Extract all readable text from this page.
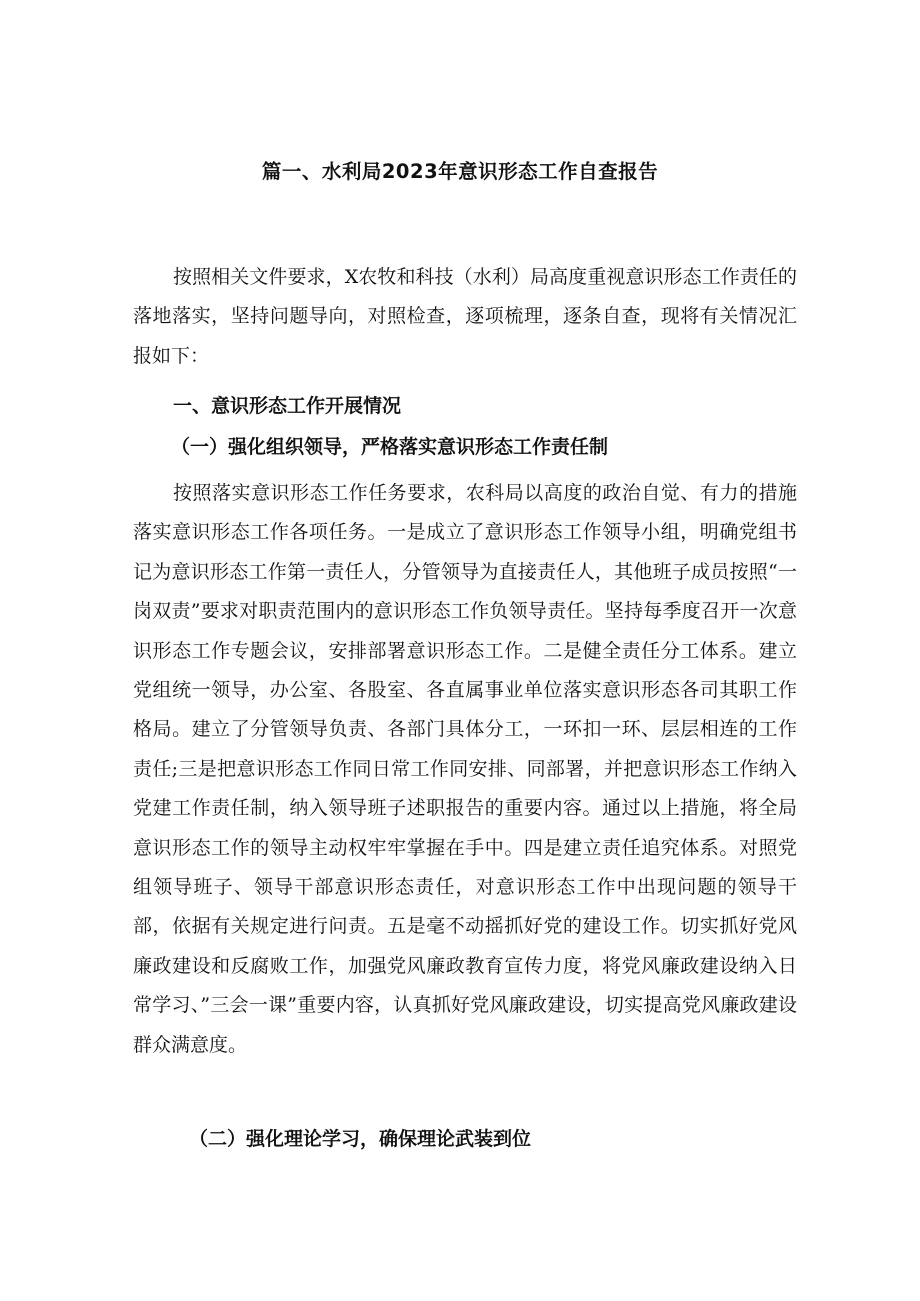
篇一、水利局2023年意识形态工作自查报告

按照相关文件要求，X农牧和科技（水利）局高度重视意识形态工作责任的落地落实，坚持问题导向，对照检查，逐项梳理，逐条自查，现将有关情况汇报如下：

一、意识形态工作开展情况
（一）强化组织领导，严格落实意识形态工作责任制

按照落实意识形态工作任务要求，农科局以高度的政治自觉、有力的措施落实意识形态工作各项任务。一是成立了意识形态工作领导小组，明确党组书记为意识形态工作第一责任人，分管领导为直接责任人，其他班子成员按照“一岗双责”要求对职责范围内的意识形态工作负领导责任。坚持每季度召开一次意识形态工作专题会议，安排部署意识形态工作。二是健全责任分工体系。建立党组统一领导，办公室、各股室、各直属事业单位落实意识形态各司其职工作格局。建立了分管领导负责、各部门具体分工，一环扣一环、层层相连的工作责任;三是把意识形态工作同日常工作同安排、同部署，并把意识形态工作纳入党建工作责任制，纳入领导班子述职报告的重要内容。通过以上措施，将全局意识形态工作的领导主动权牢牢掌握在手中。四是建立责任追究体系。对照党组领导班子、领导干部意识形态责任，对意识形态工作中出现问题的领导干部，依据有关规定进行问责。五是毫不动摇抓好党的建设工作。切实抓好党风廉政建设和反腐败工作，加强党风廉政教育宣传力度，将党风廉政建设纳入日常学习、”三会一课”重要内容，认真抓好党风廉政建设，切实提高党风廉政建设群众满意度。

（二）强化理论学习，确保理论武装到位
